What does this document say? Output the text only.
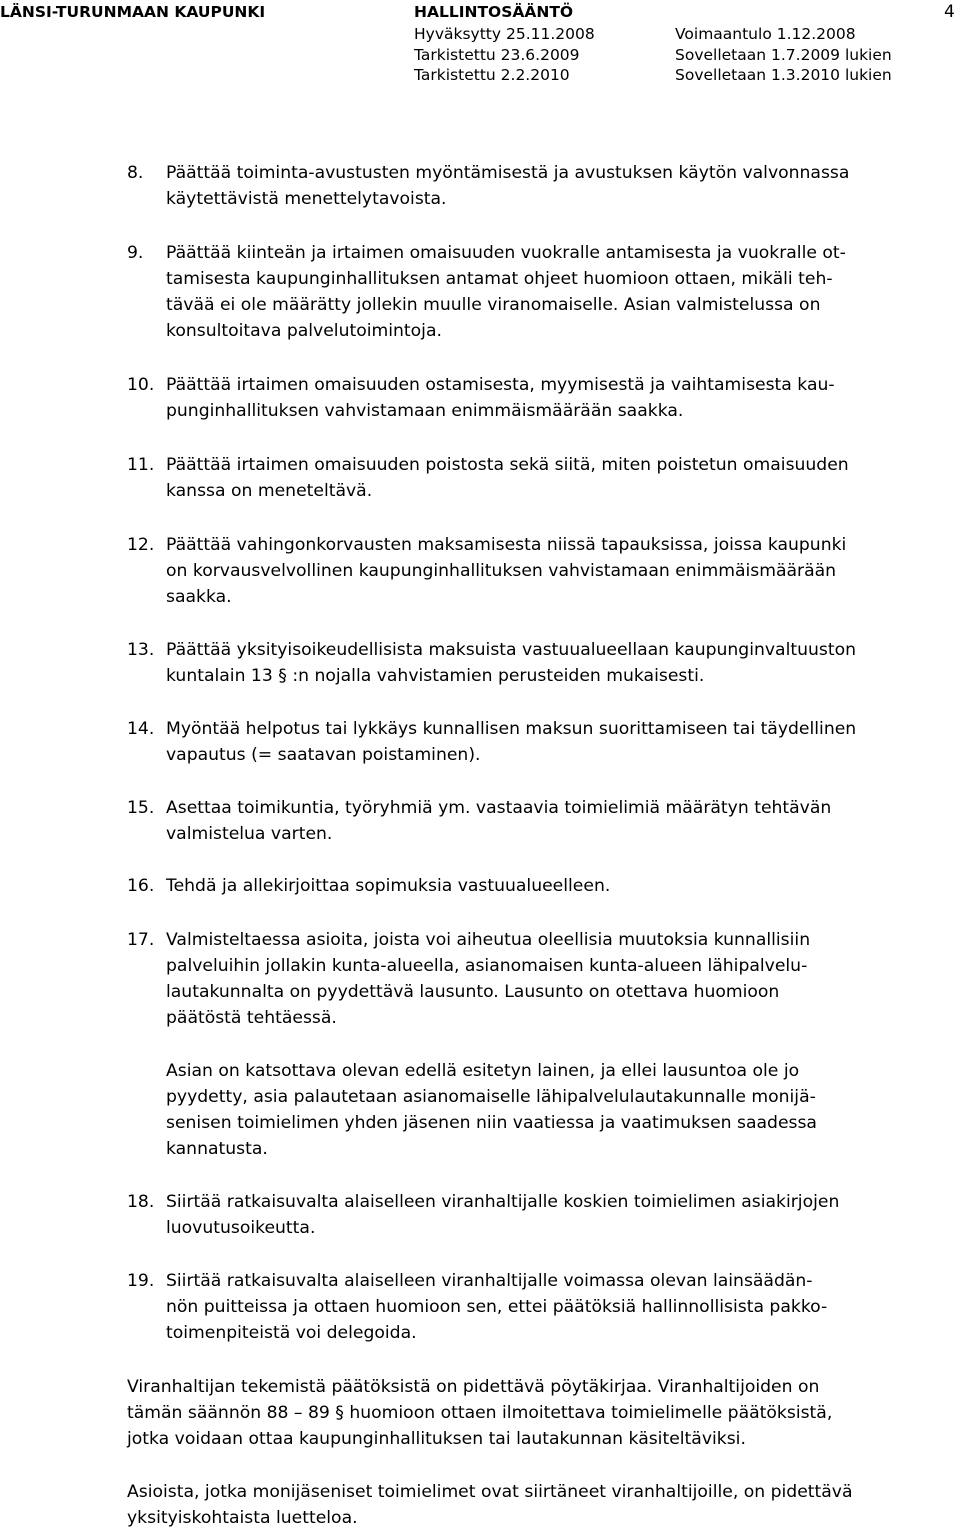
LÄNSI-TURUNMAAN KAUPUNKI	HALLINTOSÄÄNTÖ	4
Hyväksytty 25.11.2008	Voimaantulo 1.12.2008
Tarkistettu 23.6.2009	Sovelletaan 1.7.2009 lukien
Tarkistettu 2.2.2010	Sovelletaan 1.3.2010 lukien
8. Päättää toiminta-avustusten myöntämisestä ja avustuksen käytön valvonnassa
käytettävistä menettelytavoista.
9. Päättää kiinteän ja irtaimen omaisuuden vuokralle antamisesta ja vuokralle ot-
tamisesta kaupunginhallituksen antamat ohjeet huomioon ottaen, mikäli teh-
tävää ei ole määrätty jollekin muulle viranomaiselle. Asian valmistelussa on
konsultoitava palvelutoimintoja.
10. Päättää irtaimen omaisuuden ostamisesta, myymisestä ja vaihtamisesta kau-
punginhallituksen vahvistamaan enimmäismäärään saakka.
11. Päättää irtaimen omaisuuden poistosta sekä siitä, miten poistetun omaisuuden
kanssa on meneteltävä.
12. Päättää vahingonkorvausten maksamisesta niissä tapauksissa, joissa kaupunki
on korvausvelvollinen kaupunginhallituksen vahvistamaan enimmäismäärään
saakka.
13. Päättää yksityisoikeudellisista maksuista vastuualueellaan kaupunginvaltuuston
kuntalain 13 § :n nojalla vahvistamien perusteiden mukaisesti.
14. Myöntää helpotus tai lykkäys kunnallisen maksun suorittamiseen tai täydellinen
vapautus (= saatavan poistaminen).
15. Asettaa toimikuntia, työryhmiä ym. vastaavia toimielimiä määrätyn tehtävän
valmistelua varten.
16. Tehdä ja allekirjoittaa sopimuksia vastuualueelleen.
17. Valmisteltaessa asioita, joista voi aiheutua oleellisia muutoksia kunnallisiin
palveluihin jollakin kunta-alueella, asianomaisen kunta-alueen lähipalvelu-
lautakunnalta on pyydettävä lausunto. Lausunto on otettava huomioon
päätöstä tehtäessä.
Asian on katsottava olevan edellä esitetyn lainen, ja ellei lausuntoa ole jo
pyydetty, asia palautetaan asianomaiselle lähipalvelulautakunnalle monijä-
senisen toimielimen yhden jäsenen niin vaatiessa ja vaatimuksen saadessa
kannatusta.
18. Siirtää ratkaisuvalta alaiselleen viranhaltijalle koskien toimielimen asiakirjojen
luovutusoikeutta.
19. Siirtää ratkaisuvalta alaiselleen viranhaltijalle voimassa olevan lainsäädän-
nön puitteissa ja ottaen huomioon sen, ettei päätöksiä hallinnollisista pakko-
toimenpiteistä voi delegoida.
Viranhaltijan tekemistä päätöksistä on pidettävä pöytäkirjaa. Viranhaltijoiden on
tämän säännön 88 – 89 § huomioon ottaen ilmoitettava toimielimelle päätöksistä,
jotka voidaan ottaa kaupunginhallituksen tai lautakunnan käsiteltäviksi.
Asioista, jotka monijäseniset toimielimet ovat siirtäneet viranhaltijoille, on pidettävä
yksityiskohtaista luetteloa.
